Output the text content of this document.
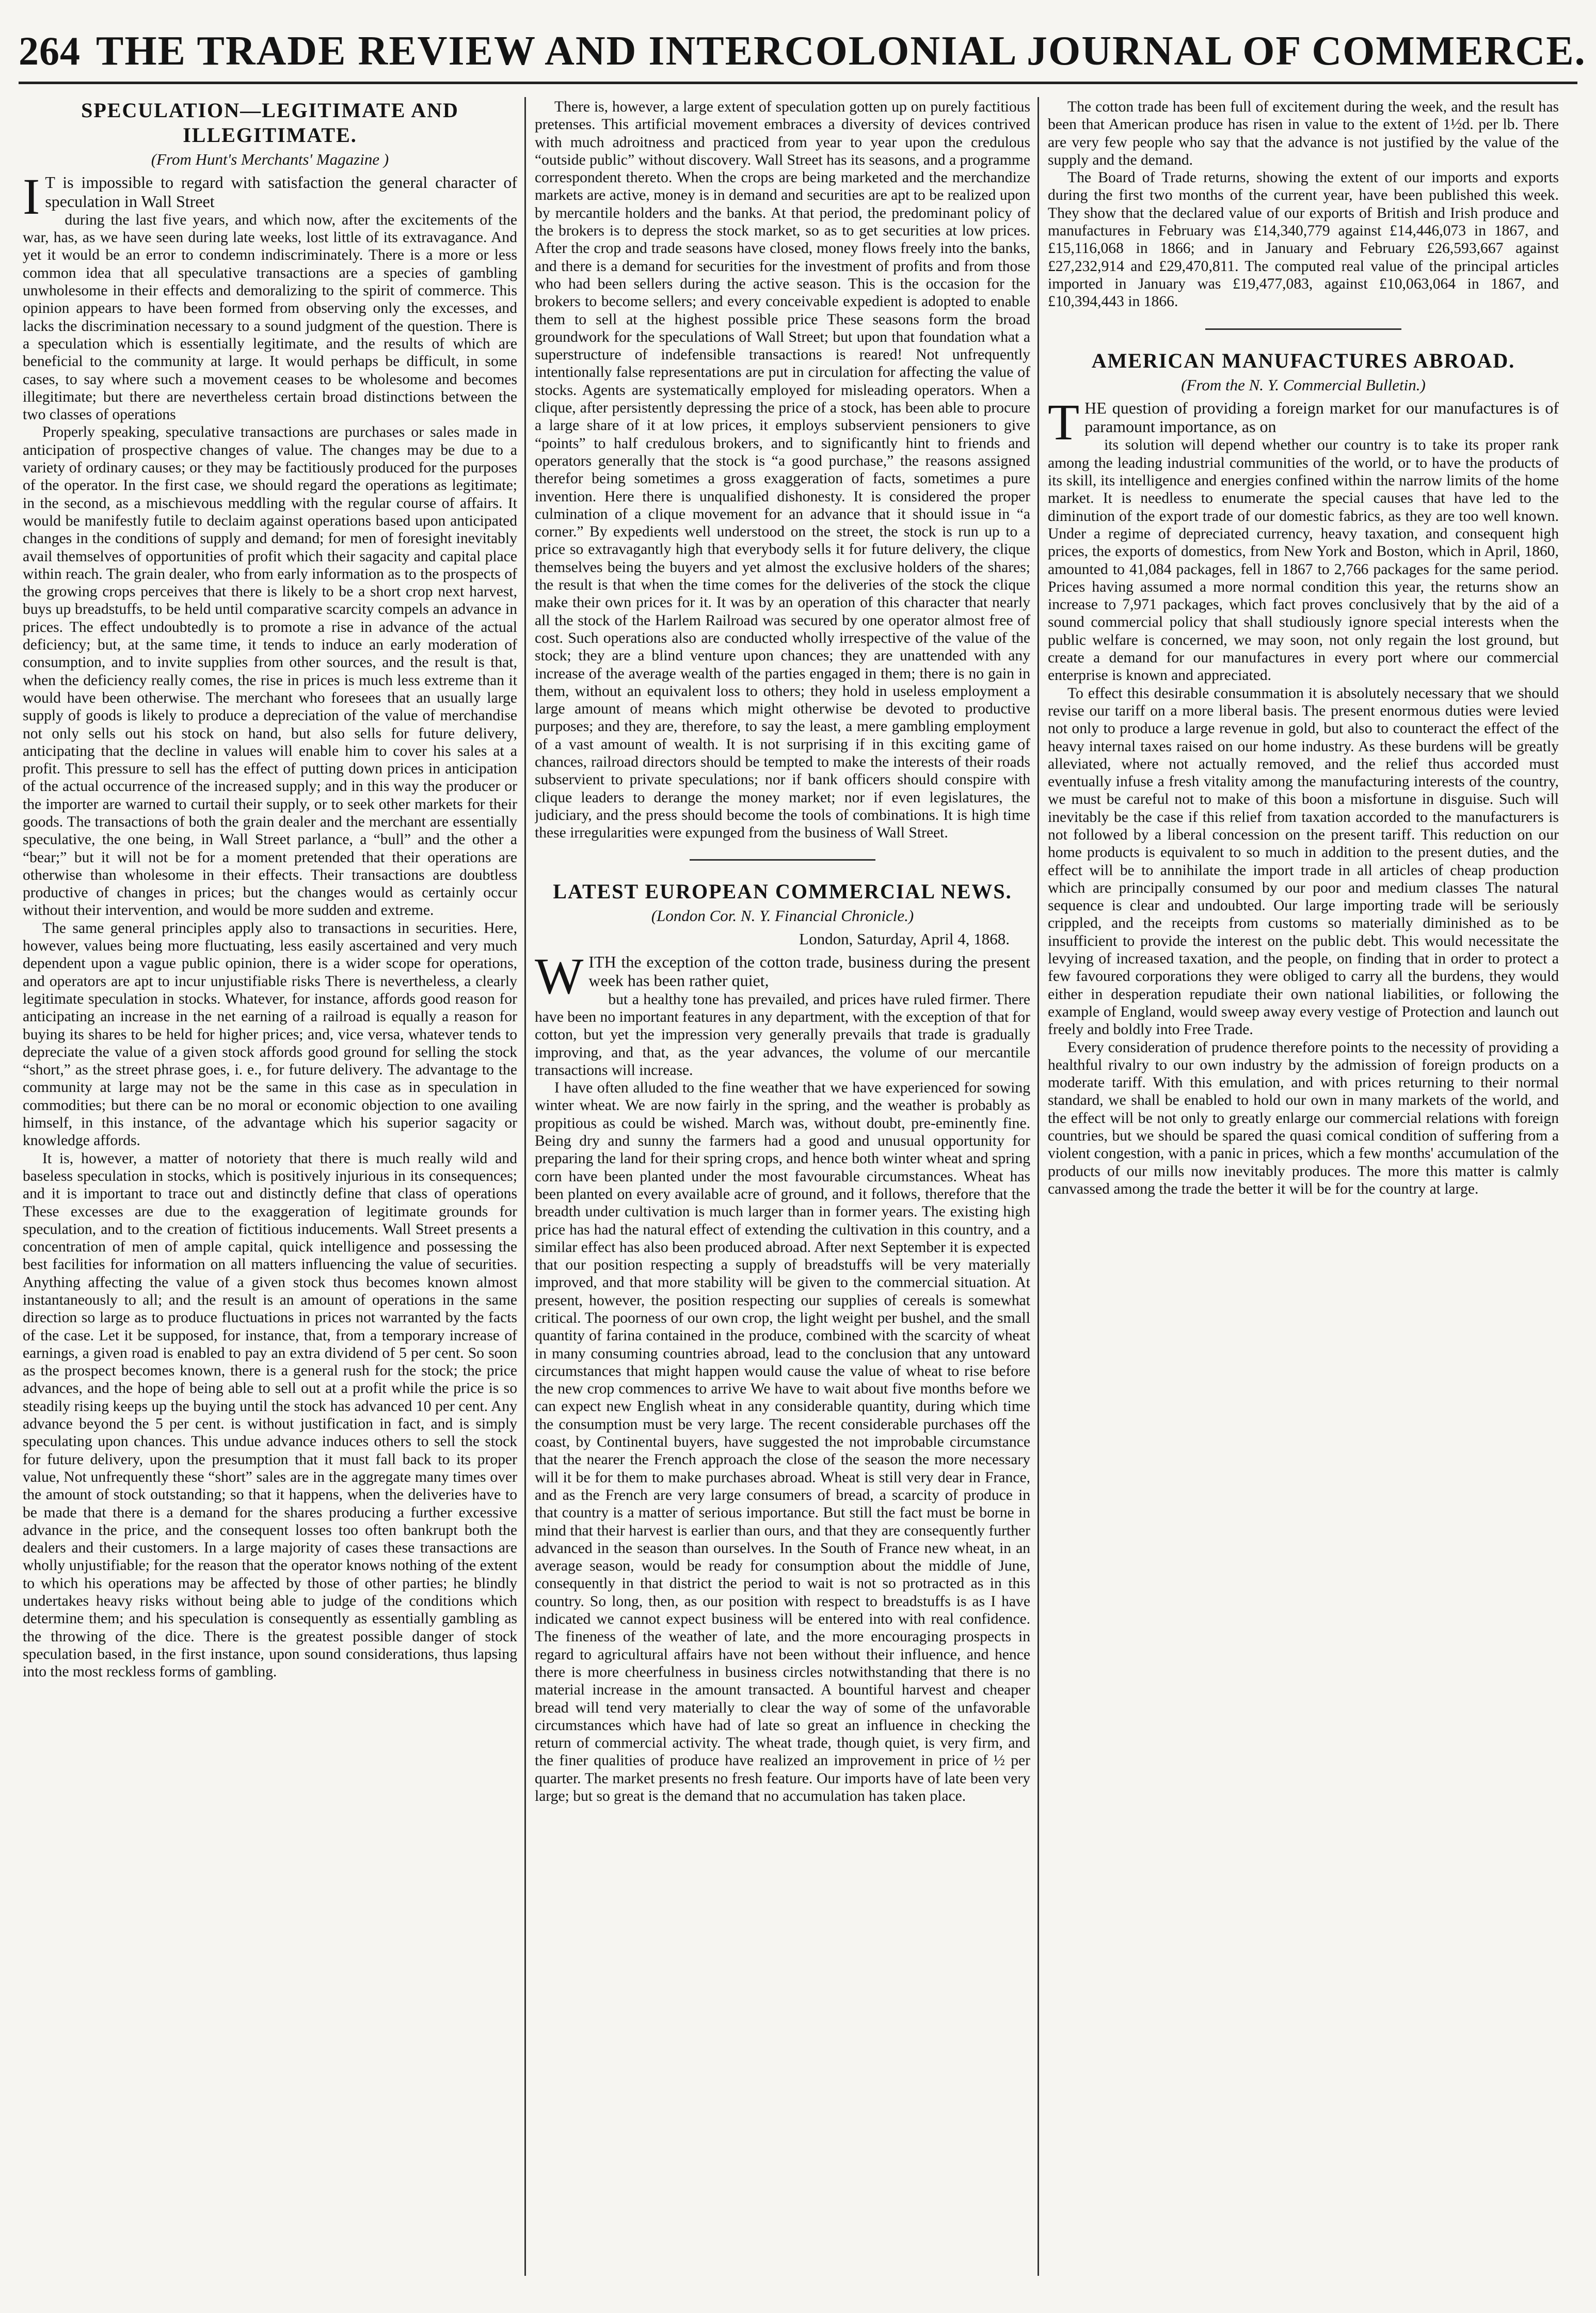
264 THE TRADE REVIEW AND INTERCOLONIAL JOURNAL OF COMMERCE.
SPECULATION—LEGITIMATE AND ILLEGITIMATE.
(From Hunt's Merchants' Magazine )

I T is impossible to regard with satisfaction the general character of speculation in Wall Street

during the last five years, and which now, after the excitements of the war, has, as we have seen during late weeks, lost little of its extravagance. And yet it would be an error to condemn indiscriminately. There is a more or less common idea that all speculative transactions are a species of gambling unwholesome in their effects and demoralizing to the spirit of commerce. This opinion appears to have been formed from observing only the excesses, and lacks the discrimination necessary to a sound judgment of the question. There is a speculation which is essentially legitimate, and the results of which are beneficial to the community at large. It would perhaps be difficult, in some cases, to say where such a movement ceases to be wholesome and becomes illegitimate; but there are nevertheless certain broad distinctions between the two classes of operations

Properly speaking, speculative transactions are purchases or sales made in anticipation of prospective changes of value. The changes may be due to a variety of ordinary causes; or they may be factitiously produced for the purposes of the operator. In the first case, we should regard the operations as legitimate; in the second, as a mischievous meddling with the regular course of affairs. It would be manifestly futile to declaim against operations based upon anticipated changes in the conditions of supply and demand; for men of foresight inevitably avail themselves of opportunities of profit which their sagacity and capital place within reach. The grain dealer, who from early information as to the prospects of the growing crops perceives that there is likely to be a short crop next harvest, buys up breadstuffs, to be held until comparative scarcity compels an advance in prices. The effect undoubtedly is to promote a rise in advance of the actual deficiency; but, at the same time, it tends to induce an early moderation of consumption, and to invite supplies from other sources, and the result is that, when the deficiency really comes, the rise in prices is much less extreme than it would have been otherwise. The merchant who foresees that an usually large supply of goods is likely to produce a depreciation of the value of merchandise not only sells out his stock on hand, but also sells for future delivery, anticipating that the decline in values will enable him to cover his sales at a profit. This pressure to sell has the effect of putting down prices in anticipation of the actual occurrence of the increased supply; and in this way the producer or the importer are warned to curtail their supply, or to seek other markets for their goods. The transactions of both the grain dealer and the merchant are essentially speculative, the one being, in Wall Street parlance, a “bull” and the other a “bear;” but it will not be for a moment pretended that their operations are otherwise than wholesome in their effects. Their transactions are doubtless productive of changes in prices; but the changes would as certainly occur without their intervention, and would be more sudden and extreme.

The same general principles apply also to transactions in securities. Here, however, values being more fluctuating, less easily ascertained and very much dependent upon a vague public opinion, there is a wider scope for operations, and operators are apt to incur unjustifiable risks There is nevertheless, a clearly legitimate speculation in stocks. Whatever, for instance, affords good reason for anticipating an increase in the net earning of a railroad is equally a reason for buying its shares to be held for higher prices; and, vice versa, whatever tends to depreciate the value of a given stock affords good ground for selling the stock “short,” as the street phrase goes, i. e., for future delivery. The advantage to the community at large may not be the same in this case as in speculation in commodities; but there can be no moral or economic objection to one availing himself, in this instance, of the advantage which his superior sagacity or knowledge affords.

It is, however, a matter of notoriety that there is much really wild and baseless speculation in stocks, which is positively injurious in its consequences; and it is important to trace out and distinctly define that class of operations These excesses are due to the exaggeration of legitimate grounds for speculation, and to the creation of fictitious inducements. Wall Street presents a concentration of men of ample capital, quick intelligence and possessing the best facilities for information on all matters influencing the value of securities. Anything affecting the value of a given stock thus becomes known almost instantaneously to all; and the result is an amount of operations in the same direction so large as to produce fluctuations in prices not warranted by the facts of the case. Let it be supposed, for instance, that, from a temporary increase of earnings, a given road is enabled to pay an extra dividend of 5 per cent. So soon as the prospect becomes known, there is a general rush for the stock; the price advances, and the hope of being able to sell out at a profit while the price is so steadily rising keeps up the buying until the stock has advanced 10 per cent. Any advance beyond the 5 per cent. is without justification in fact, and is simply speculating upon chances. This undue advance induces others to sell the stock for future delivery, upon the presumption that it must fall back to its proper value, Not unfrequently these “short” sales are in the aggregate many times over the amount of stock outstanding; so that it happens, when the deliveries have to be made that there is a demand for the shares producing a further excessive advance in the price, and the consequent losses too often bankrupt both the dealers and their customers. In a large majority of cases these transactions are wholly unjustifiable; for the reason that the operator knows nothing of the extent to which his operations may be affected by those of other parties; he blindly undertakes heavy risks without being able to judge of the conditions which determine them; and his speculation is consequently as essentially gambling as the throwing of the dice. There is the greatest possible danger of stock speculation based, in the first instance, upon sound considerations, thus lapsing into the most reckless forms of gambling.

There is, however, a large extent of speculation gotten up on purely factitious pretenses. This artificial movement embraces a diversity of devices contrived with much adroitness and practiced from year to year upon the credulous “outside public” without discovery. Wall Street has its seasons, and a programme correspondent thereto. When the crops are being marketed and the merchandize markets are active, money is in demand and securities are apt to be realized upon by mercantile holders and the banks. At that period, the predominant policy of the brokers is to depress the stock market, so as to get securities at low prices. After the crop and trade seasons have closed, money flows freely into the banks, and there is a demand for securities for the investment of profits and from those who had been sellers during the active season. This is the occasion for the brokers to become sellers; and every conceivable expedient is adopted to enable them to sell at the highest possible price These seasons form the broad groundwork for the speculations of Wall Street; but upon that foundation what a superstructure of indefensible transactions is reared! Not unfrequently intentionally false representations are put in circulation for affecting the value of stocks. Agents are systematically employed for misleading operators. When a clique, after persistently depressing the price of a stock, has been able to procure a large share of it at low prices, it employs subservient pensioners to give “points” to half credulous brokers, and to significantly hint to friends and operators generally that the stock is “a good purchase,” the reasons assigned therefor being sometimes a gross exaggeration of facts, sometimes a pure invention. Here there is unqualified dishonesty. It is considered the proper culmination of a clique movement for an advance that it should issue in “a corner.” By expedients well understood on the street, the stock is run up to a price so extravagantly high that everybody sells it for future delivery, the clique themselves being the buyers and yet almost the exclusive holders of the shares; the result is that when the time comes for the deliveries of the stock the clique make their own prices for it. It was by an operation of this character that nearly all the stock of the Harlem Railroad was secured by one operator almost free of cost. Such operations also are conducted wholly irrespective of the value of the stock; they are a blind venture upon chances; they are unattended with any increase of the average wealth of the parties engaged in them; there is no gain in them, without an equivalent loss to others; they hold in useless employment a large amount of means which might otherwise be devoted to productive purposes; and they are, therefore, to say the least, a mere gambling employment of a vast amount of wealth. It is not surprising if in this exciting game of chances, railroad directors should be tempted to make the interests of their roads subservient to private speculations; nor if bank officers should conspire with clique leaders to derange the money market; nor if even legislatures, the judiciary, and the press should become the tools of combinations. It is high time these irregularities were expunged from the business of Wall Street.

LATEST EUROPEAN COMMERCIAL NEWS.
(London Cor. N. Y. Financial Chronicle.)
London, Saturday, April 4, 1868.

WITH the exception of the cotton trade, business during the present week has been rather quiet,

but a healthy tone has prevailed, and prices have ruled firmer. There have been no important features in any department, with the exception of that for cotton, but yet the impression very generally prevails that trade is gradually improving, and that, as the year advances, the volume of our mercantile transactions will increase.

I have often alluded to the fine weather that we have experienced for sowing winter wheat. We are now fairly in the spring, and the weather is probably as propitious as could be wished. March was, without doubt, pre-eminently fine. Being dry and sunny the farmers had a good and unusual opportunity for preparing the land for their spring crops, and hence both winter wheat and spring corn have been planted under the most favourable circumstances. Wheat has been planted on every available acre of ground, and it follows, therefore that the breadth under cultivation is much larger than in former years. The existing high price has had the natural effect of extending the cultivation in this country, and a similar effect has also been produced abroad. After next September it is expected that our position respecting a supply of breadstuffs will be very materially improved, and that more stability will be given to the commercial situation. At present, however, the position respecting our supplies of cereals is somewhat critical. The poorness of our own crop, the light weight per bushel, and the small quantity of farina contained in the produce, combined with the scarcity of wheat in many consuming countries abroad, lead to the conclusion that any untoward circumstances that might happen would cause the value of wheat to rise before the new crop commences to arrive We have to wait about five months before we can expect new English wheat in any considerable quantity, during which time the consumption must be very large. The recent considerable purchases off the coast, by Continental buyers, have suggested the not improbable circumstance that the nearer the French approach the close of the season the more necessary will it be for them to make purchases abroad. Wheat is still very dear in France, and as the French are very large consumers of bread, a scarcity of produce in that country is a matter of serious importance. But still the fact must be borne in mind that their harvest is earlier than ours, and that they are consequently further advanced in the season than ourselves. In the South of France new wheat, in an average season, would be ready for consumption about the middle of June, consequently in that district the period to wait is not so protracted as in this country. So long, then, as our position with respect to breadstuffs is as I have indicated we cannot expect business will be entered into with real confidence. The fineness of the weather of late, and the more encouraging prospects in regard to agricultural affairs have not been without their influence, and hence there is more cheerfulness in business circles notwithstanding that there is no material increase in the amount transacted. A bountiful harvest and cheaper bread will tend very materially to clear the way of some of the unfavorable circumstances which have had of late so great an influence in checking the return of commercial activity. The wheat trade, though quiet, is very firm, and the finer qualities of produce have realized an improvement in price of ½ per quarter. The market presents no fresh feature. Our imports have of late been very large; but so great is the demand that no accumulation has taken place.

The cotton trade has been full of excitement during the week, and the result has been that American produce has risen in value to the extent of 1½d. per lb. There are very few people who say that the advance is not justified by the value of the supply and the demand.

The Board of Trade returns, showing the extent of our imports and exports during the first two months of the current year, have been published this week. They show that the declared value of our exports of British and Irish produce and manufactures in February was £14,340,779 against £14,446,073 in 1867, and £15,116,068 in 1866; and in January and February £26,593,667 against £27,232,914 and £29,470,811. The computed real value of the principal articles imported in January was £19,477,083, against £10,063,064 in 1867, and £10,394,443 in 1866.

AMERICAN MANUFACTURES ABROAD.
(From the N. Y. Commercial Bulletin.)

THE question of providing a foreign market for our manufactures is of paramount importance, as on

its solution will depend whether our country is to take its proper rank among the leading industrial communities of the world, or to have the products of its skill, its intelligence and energies confined within the narrow limits of the home market. It is needless to enumerate the special causes that have led to the diminution of the export trade of our domestic fabrics, as they are too well known. Under a regime of depreciated currency, heavy taxation, and consequent high prices, the exports of domestics, from New York and Boston, which in April, 1860, amounted to 41,084 packages, fell in 1867 to 2,766 packages for the same period. Prices having assumed a more normal condition this year, the returns show an increase to 7,971 packages, which fact proves conclusively that by the aid of a sound commercial policy that shall studiously ignore special interests when the public welfare is concerned, we may soon, not only regain the lost ground, but create a demand for our manufactures in every port where our commercial enterprise is known and appreciated.

To effect this desirable consummation it is absolutely necessary that we should revise our tariff on a more liberal basis. The present enormous duties were levied not only to produce a large revenue in gold, but also to counteract the effect of the heavy internal taxes raised on our home industry. As these burdens will be greatly alleviated, where not actually removed, and the relief thus accorded must eventually infuse a fresh vitality among the manufacturing interests of the country, we must be careful not to make of this boon a misfortune in disguise. Such will inevitably be the case if this relief from taxation accorded to the manufacturers is not followed by a liberal concession on the present tariff. This reduction on our home products is equivalent to so much in addition to the present duties, and the effect will be to annihilate the import trade in all articles of cheap production which are principally consumed by our poor and medium classes The natural sequence is clear and undoubted. Our large importing trade will be seriously crippled, and the receipts from customs so materially diminished as to be insufficient to provide the interest on the public debt. This would necessitate the levying of increased taxation, and the people, on finding that in order to protect a few favoured corporations they were obliged to carry all the burdens, they would either in desperation repudiate their own national liabilities, or following the example of England, would sweep away every vestige of Protection and launch out freely and boldly into Free Trade.

Every consideration of prudence therefore points to the necessity of providing a healthful rivalry to our own industry by the admission of foreign products on a moderate tariff. With this emulation, and with prices returning to their normal standard, we shall be enabled to hold our own in many markets of the world, and the effect will be not only to greatly enlarge our commercial relations with foreign countries, but we should be spared the quasi comical condition of suffering from a violent congestion, with a panic in prices, which a few months' accumulation of the products of our mills now inevitably produces. The more this matter is calmly canvassed among the trade the better it will be for the country at large.
